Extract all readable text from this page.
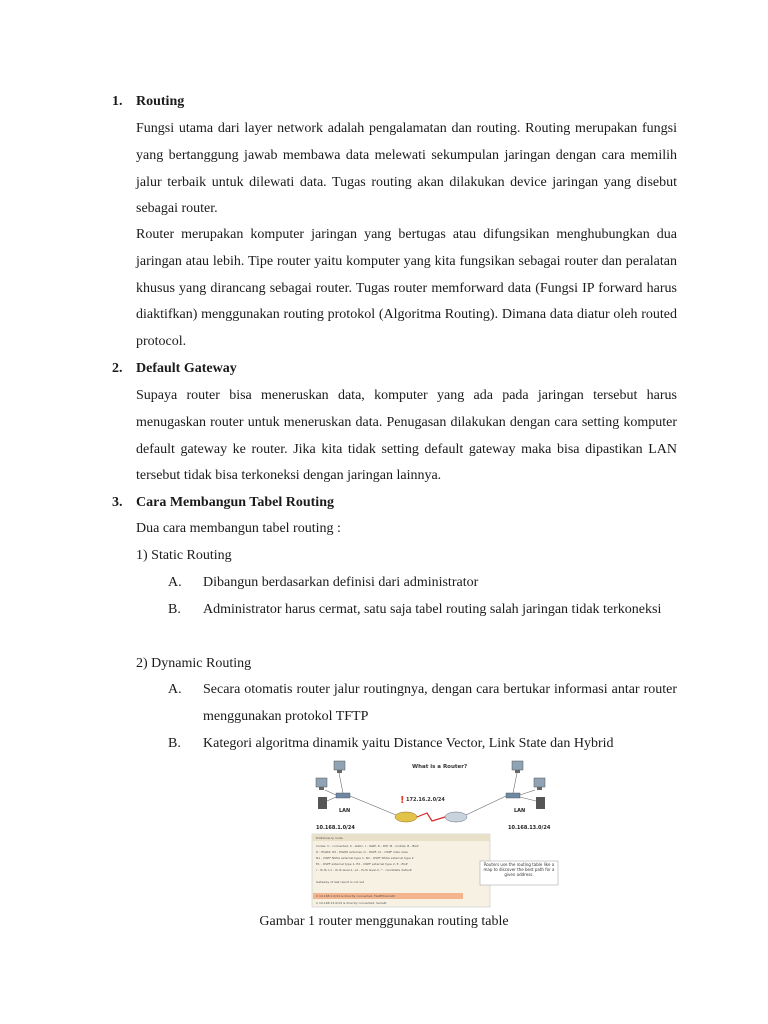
1. Routing
Fungsi utama dari layer network adalah pengalamatan dan routing. Routing merupakan fungsi yang bertanggung jawab membawa data melewati sekumpulan jaringan dengan cara memilih jalur terbaik untuk dilewati data. Tugas routing akan dilakukan device jaringan yang disebut sebagai router.
Router merupakan komputer jaringan yang bertugas atau difungsikan menghubungkan dua jaringan atau lebih. Tipe router yaitu komputer yang kita fungsikan sebagai router dan peralatan khusus yang dirancang sebagai router. Tugas router memforward data (Fungsi IP forward harus diaktifkan) menggunakan routing protokol (Algoritma Routing). Dimana data diatur oleh routed protocol.
2. Default Gateway
Supaya router bisa meneruskan data, komputer yang ada pada jaringan tersebut harus menugaskan router untuk meneruskan data. Penugasan dilakukan dengan cara setting komputer default gateway ke router. Jika kita tidak setting default gateway maka bisa dipastikan LAN tersebut tidak bisa terkoneksi dengan jaringan lainnya.
3. Cara Membangun Tabel Routing
Dua cara membangun tabel routing :
1) Static Routing
A. Dibangun berdasarkan definisi dari administrator
B. Administrator harus cermat, satu saja tabel routing salah jaringan tidak terkoneksi
2) Dynamic Routing
A. Secara otomatis router jalur routingnya, dengan cara bertukar informasi antar router menggunakan protokol TFTP
B. Kategori algoritma dinamik yaitu Distance Vector, Link State dan Hybrid
What is a Router?
LAN	LAN
! 172.16.2.0/24
10.168.1.0/24	10.168.13.0/24
R1#show ip route Codes: C - connected, S - static, I - IGRP, R - RIP, M - mobile, B - BGP D - EIGRP, EX - EIGRP external, O - OSPF, IA - OSPF inter area N1 - OSPF NSSA external type 1, N2 - OSPF NSSA external type 2 E1 - OSPF external type 1, E2 - OSPF external type 2, E - EGP i - IS-IS, L1 - IS-IS level-1, L2 - IS-IS level-2, * - candidate default Gateway of last resort is not set C 10.168.1.0/24 is directly connected, FastEthernet0 C 10.168.13.0/24 is directly connected, Serial0
Routers use the routing table like a map to discover the best path for a given address.
Gambar 1 router menggunakan routing table
